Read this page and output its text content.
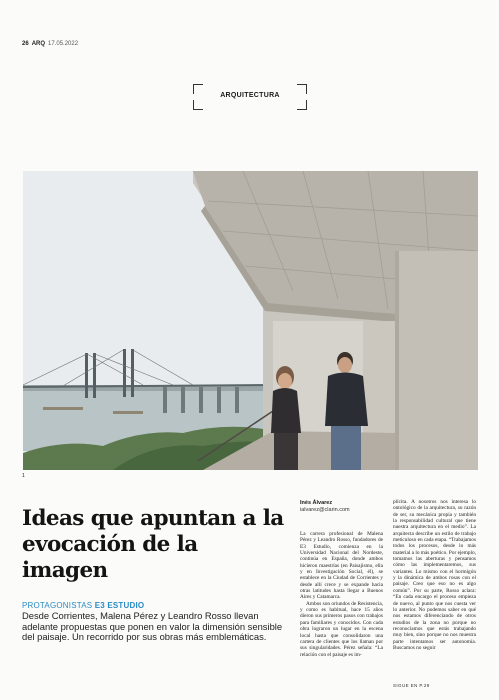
26 ARQ 17.05.2022
ARQUITECTURA
1
Ideas que apuntan a la evocación de la imagen
PROTAGONISTAS E3 ESTUDIO

Desde Corrientes, Malena Pérez y Leandro Rosso llevan adelante propuestas que ponen en valor la dimensión sensible del paisaje. Un recorrido por sus obras más emblemáticas.

Inés Álvarez
ialvarez@clarin.com

La carrera profesional de Malena Pérez y Leandro Rosso, fundadores de E3 Estudio, comienza en la Universidad Nacional del Nordeste, continúa en España, donde ambos hicieron maestrías (en Paisajismo, ella y en Investigación Social, él), se establece en la Ciudad de Corrientes y desde allí crece y se expande hacia otras latitudes hasta llegar a Buenos Aires y Catamarca.

Ambos son oriundos de Resistencia, y como es habitual, hace 15 años dieron sus primeros pasos con trabajos para familiares y conocidos. Con cada obra lograron un lugar en la escena local hasta que consolidaron una cartera de clientes que los llaman por sus singularidades. Pérez señala: “La relación con el paisaje es im-

plícita. A nosotros nos interesa lo ontológico de la arquitectura, su razón de ser, su mecánica propia y también la responsabilidad cultural que tiene nuestra arquitectura en el medio”. La arquitecta describe un estilo de trabajo meticuloso en cada etapa. “Trabajamos todos los procesos, desde lo más material a lo más poético. Por ejemplo, tomamos las aberturas y pensamos cómo las implementaremos, sus variantes. Lo mismo con el hormigón y la dinámica de ambos rosas con el paisaje. Creo que eso no es algo común”. Por su parte, Rosso aclara: “En cada encargo el proceso empieza de nuevo, al punto que nos cuesta ver lo anterior. No podemos saber en qué nos estamos diferenciando de otros estudios de la zona no porque no reconocíamos que estás trabajando muy bien, sino porque no nos muestra parte intentamos ser autonomía. Buscamos no seguir

SIGUE EN P.29
